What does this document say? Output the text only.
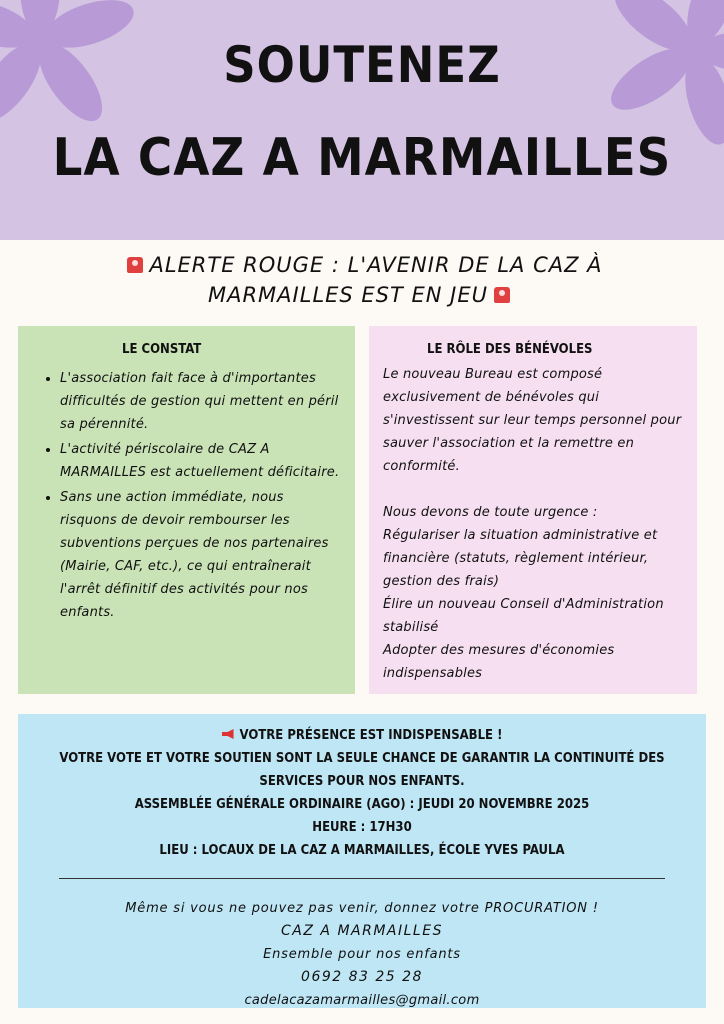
SOUTENEZ
LA CAZ A MARMAILLES
ALERTE ROUGE : L'AVENIR DE LA CAZ À
MARMAILLES EST EN JEU
LE CONSTAT
• L'association fait face à d'importantes difficultés de gestion qui mettent en péril sa pérennité.
• L'activité périscolaire de CAZ A MARMAILLES est actuellement déficitaire.
• Sans une action immédiate, nous risquons de devoir rembourser les subventions perçues de nos partenaires (Mairie, CAF, etc.), ce qui entraînerait l'arrêt définitif des activités pour nos enfants.
LE RÔLE DES BÉNÉVOLES

Le nouveau Bureau est composé exclusivement de bénévoles qui s'investissent sur leur temps personnel pour sauver l'association et la remettre en conformité.

Nous devons de toute urgence :

Régulariser la situation administrative et financière (statuts, règlement intérieur, gestion des frais)

Élire un nouveau Conseil d'Administration stabilisé

Adopter des mesures d'économies indispensables

VOTRE PRÉSENCE EST INDISPENSABLE !
VOTRE VOTE ET VOTRE SOUTIEN SONT LA SEULE CHANCE DE GARANTIR LA CONTINUITÉ DES
SERVICES POUR NOS ENFANTS.
ASSEMBLÉE GÉNÉRALE ORDINAIRE (AGO) : JEUDI 20 NOVEMBRE 2025
HEURE : 17H30
LIEU : LOCAUX DE LA CAZ A MARMAILLES, ÉCOLE YVES PAULA
Même si vous ne pouvez pas venir, donnez votre PROCURATION !
CAZ A MARMAILLES
Ensemble pour nos enfants
0692 83 25 28
cadelacazamarmailles@gmail.com
